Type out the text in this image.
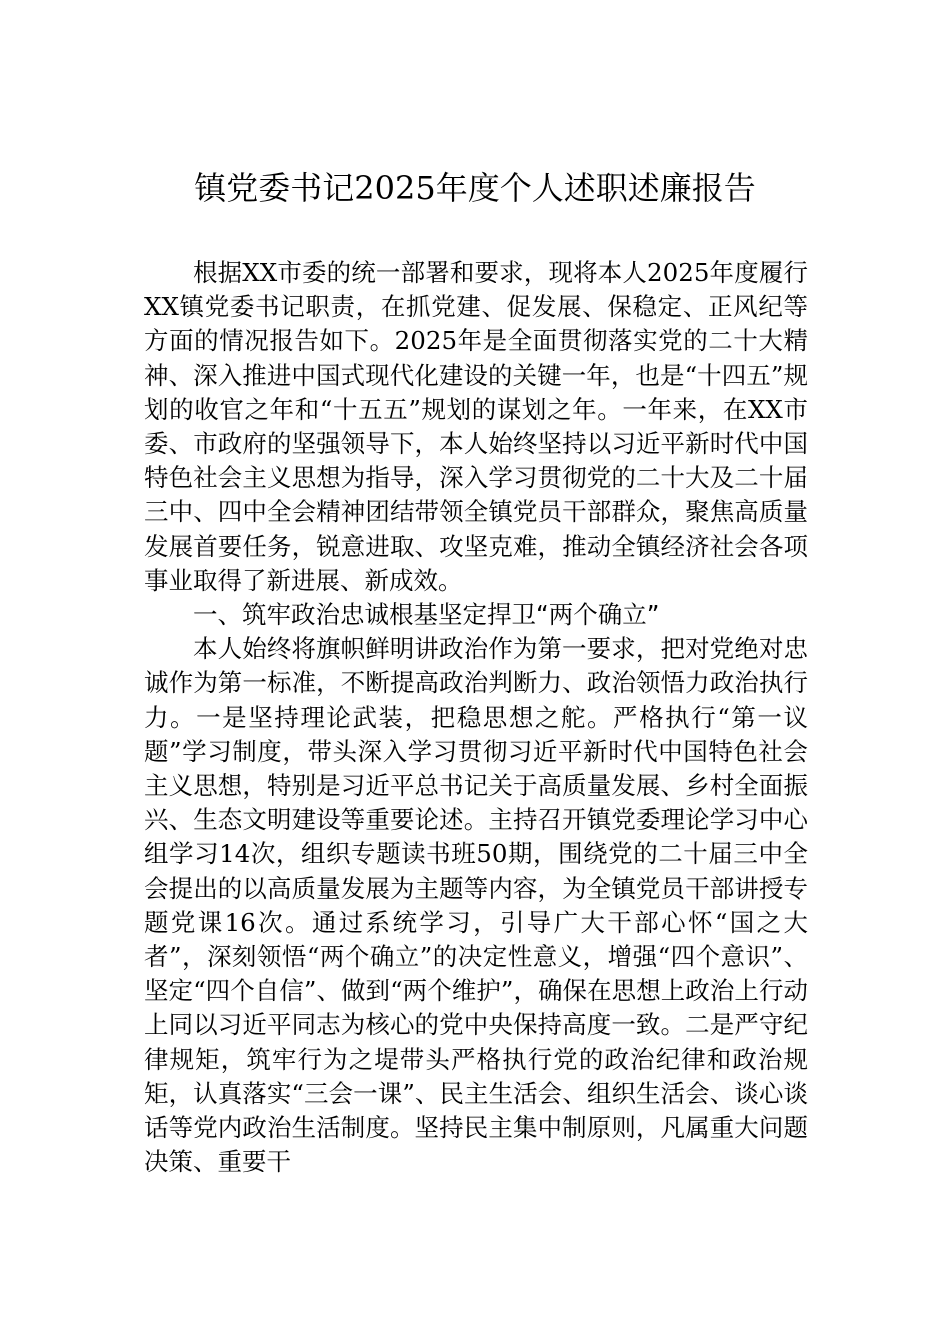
镇党委书记2025年度个人述职述廉报告

根据XX市委的统一部署和要求，现将本人2025年度履行XX镇党委书记职责，在抓党建、促发展、保稳定、正风纪等方面的情况报告如下。2025年是全面贯彻落实党的二十大精神、深入推进中国式现代化建设的关键一年，也是“十四五”规划的收官之年和“十五五”规划的谋划之年。一年来，在XX市委、市政府的坚强领导下，本人始终坚持以习近平新时代中国特色社会主义思想为指导，深入学习贯彻党的二十大及二十届三中、四中全会精神团结带领全镇党员干部群众，聚焦高质量发展首要任务，锐意进取、攻坚克难，推动全镇经济社会各项事业取得了新进展、新成效。

一、筑牢政治忠诚根基坚定捍卫“两个确立”

本人始终将旗帜鲜明讲政治作为第一要求，把对党绝对忠诚作为第一标准，不断提高政治判断力、政治领悟力政治执行力。一是坚持理论武装，把稳思想之舵。严格执行“第一议题”学习制度，带头深入学习贯彻习近平新时代中国特色社会主义思想，特别是习近平总书记关于高质量发展、乡村全面振兴、生态文明建设等重要论述。主持召开镇党委理论学习中心组学习14次，组织专题读书班50期，围绕党的二十届三中全会提出的以高质量发展为主题等内容，为全镇党员干部讲授专题党课16次。通过系统学习，引导广大干部心怀“国之大者”，深刻领悟“两个确立”的决定性意义，增强“四个意识”、坚定“四个自信”、做到“两个维护”，确保在思想上政治上行动上同以习近平同志为核心的党中央保持高度一致。二是严守纪律规矩，筑牢行为之堤带头严格执行党的政治纪律和政治规矩，认真落实“三会一课”、民主生活会、组织生活会、谈心谈话等党内政治生活制度。坚持民主集中制原则，凡属重大问题决策、重要干
